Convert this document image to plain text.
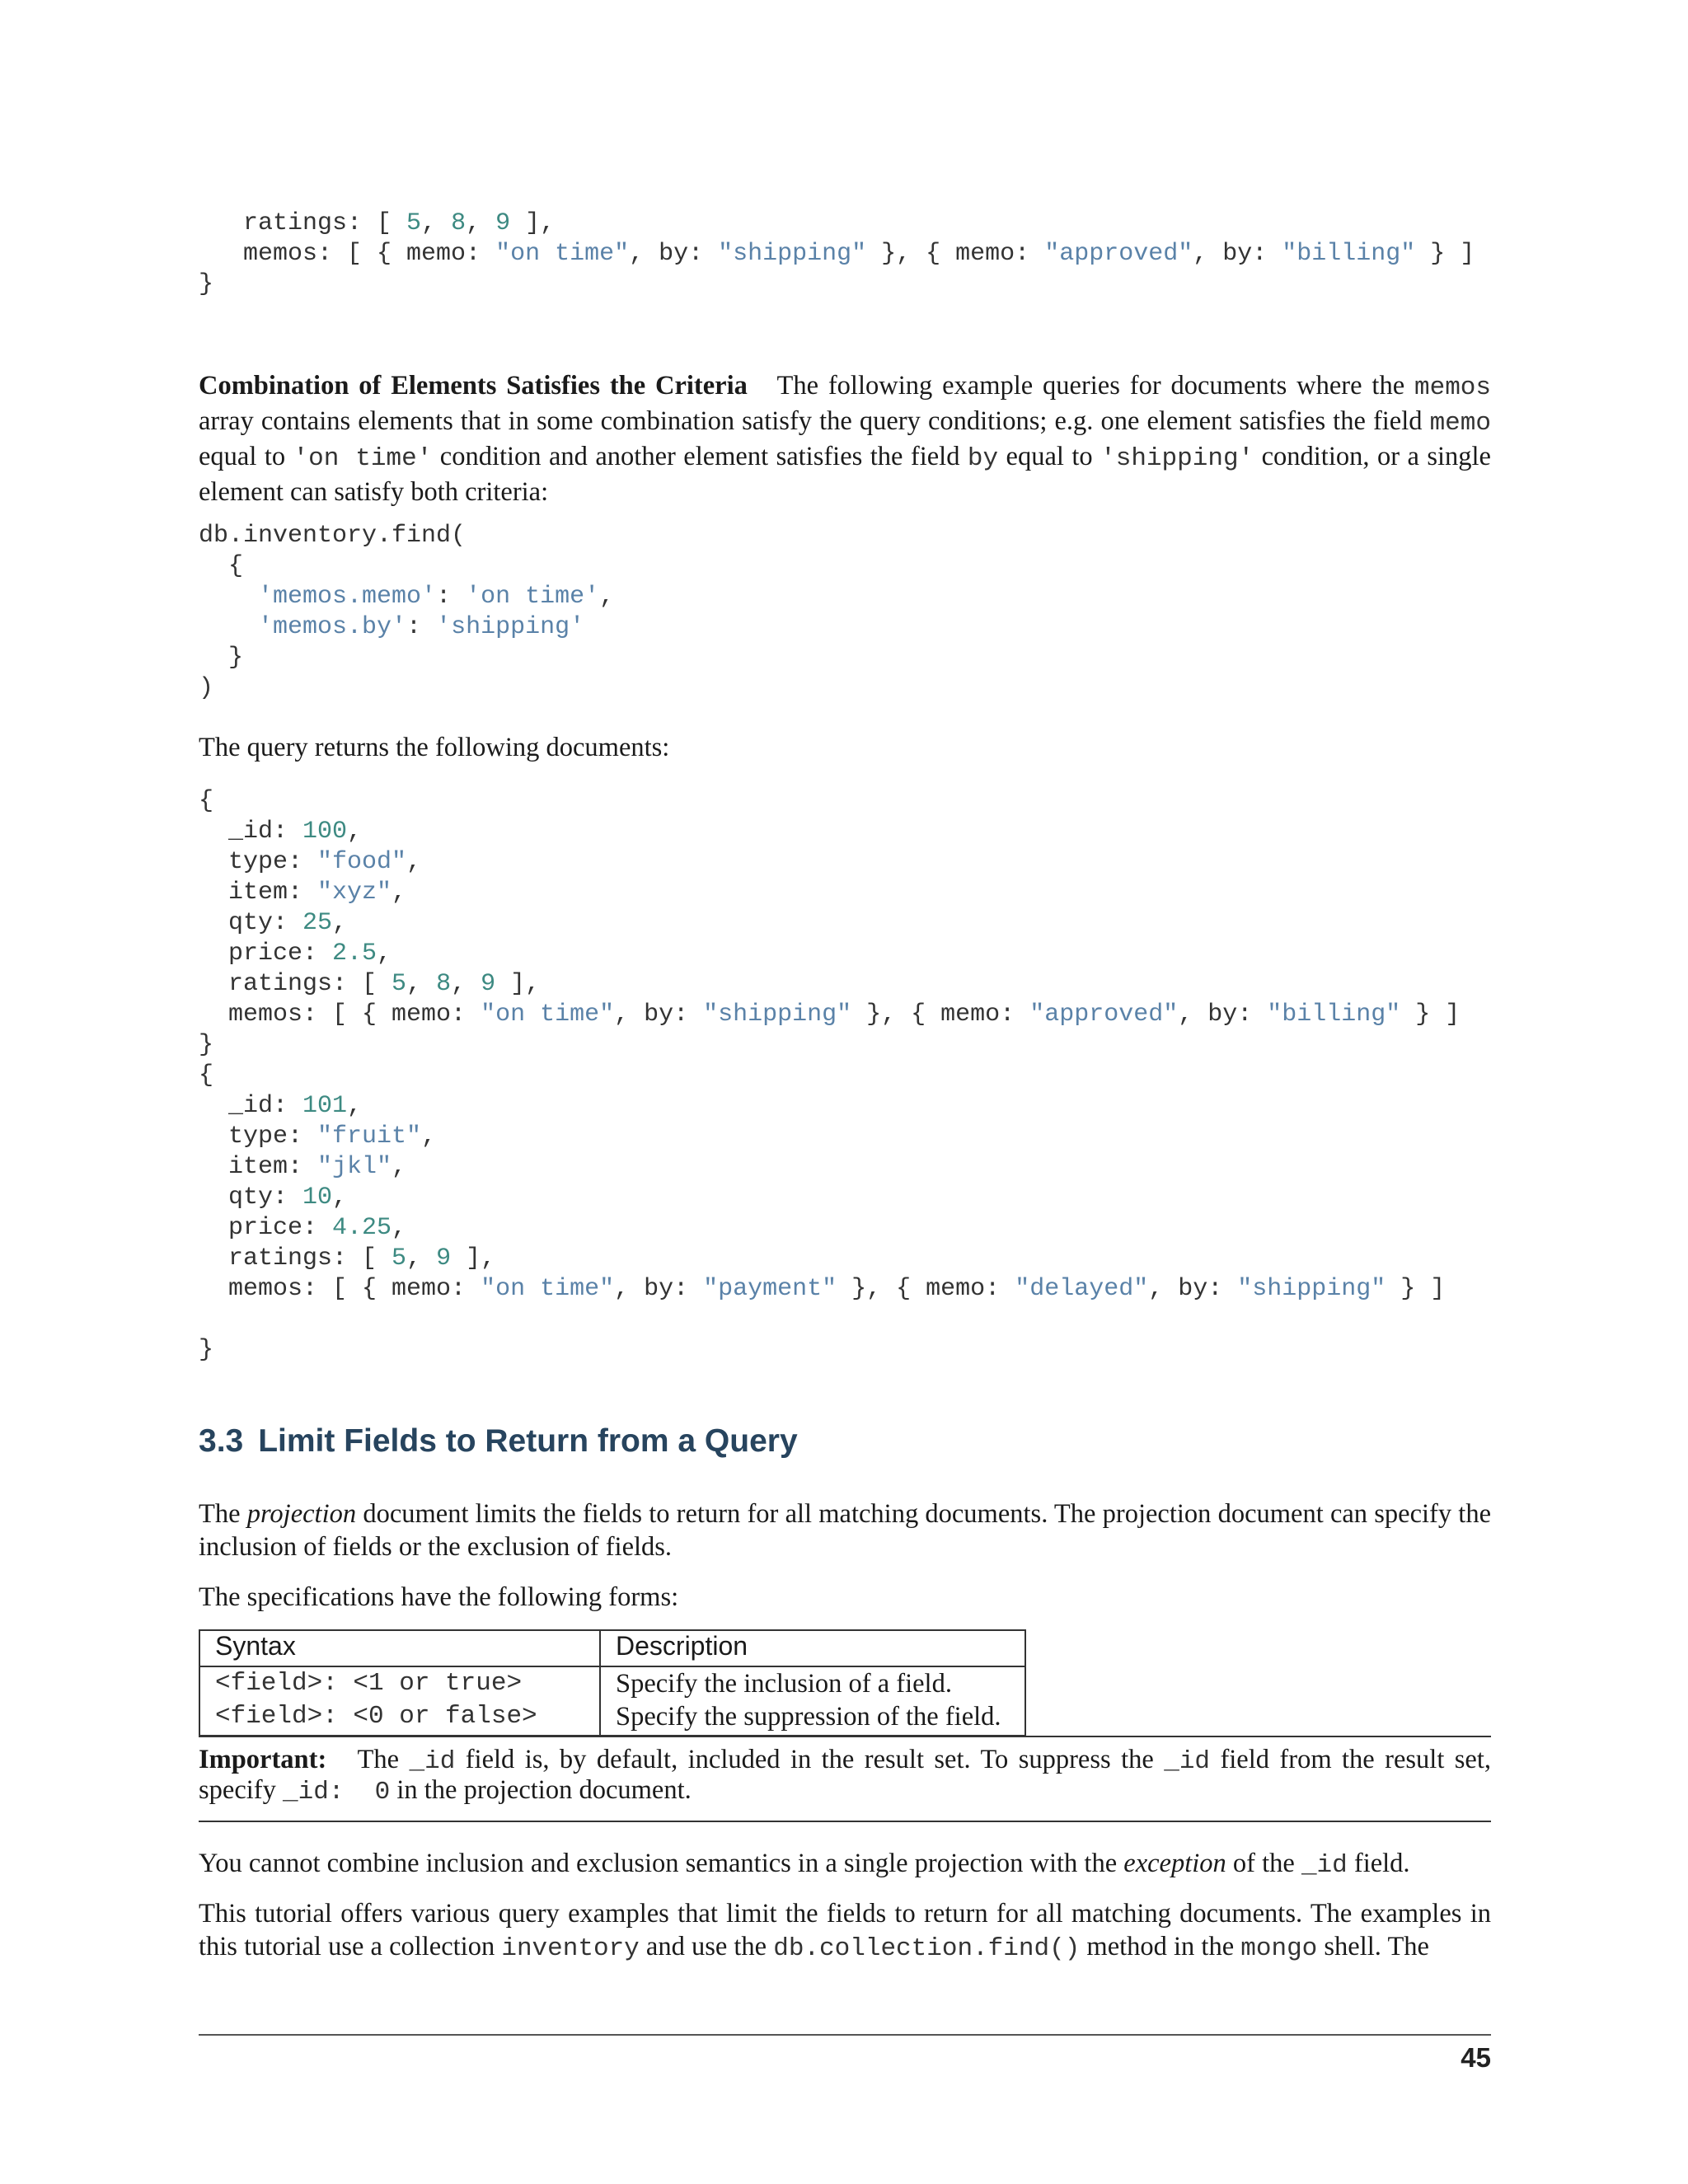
ratings: [ 5, 8, 9 ],
memos: [ { memo: "on time", by: "shipping" }, { memo: "approved", by: "billing" } ]
}
Combination of Elements Satisfies the Criteria The following example queries for documents where the memos array contains elements that in some combination satisfy the query conditions; e.g. one element satisfies the field memo equal to 'on time' condition and another element satisfies the field by equal to 'shipping' condition, or a single element can satisfy both criteria:
db.inventory.find(
{
'memos.memo': 'on time',
'memos.by': 'shipping'
}
)
The query returns the following documents:
{
_id: 100,
type: "food",
item: "xyz",
qty: 25,
price: 2.5,
ratings: [ 5, 8, 9 ],
memos: [ { memo: "on time", by: "shipping" }, { memo: "approved", by: "billing" } ]
}
{
_id: 101,
type: "fruit",
item: "jkl",
qty: 10,
price: 4.25,
ratings: [ 5, 9 ],
memos: [ { memo: "on time", by: "payment" }, { memo: "delayed", by: "shipping" } ]
}
3.3 Limit Fields to Return from a Query
The projection document limits the fields to return for all matching documents. The projection document can specify the inclusion of fields or the exclusion of fields.
The specifications have the following forms:
Syntax	Description
<field>: <1 or true>	Specify the inclusion of a field.
<field>: <0 or false>	Specify the suppression of the field.
Important: The _id field is, by default, included in the result set. To suppress the _id field from the result set, specify _id:  0 in the projection document.
You cannot combine inclusion and exclusion semantics in a single projection with the exception of the _id field.
This tutorial offers various query examples that limit the fields to return for all matching documents. The examples in this tutorial use a collection inventory and use the db.collection.find() method in the mongo shell. The
45
